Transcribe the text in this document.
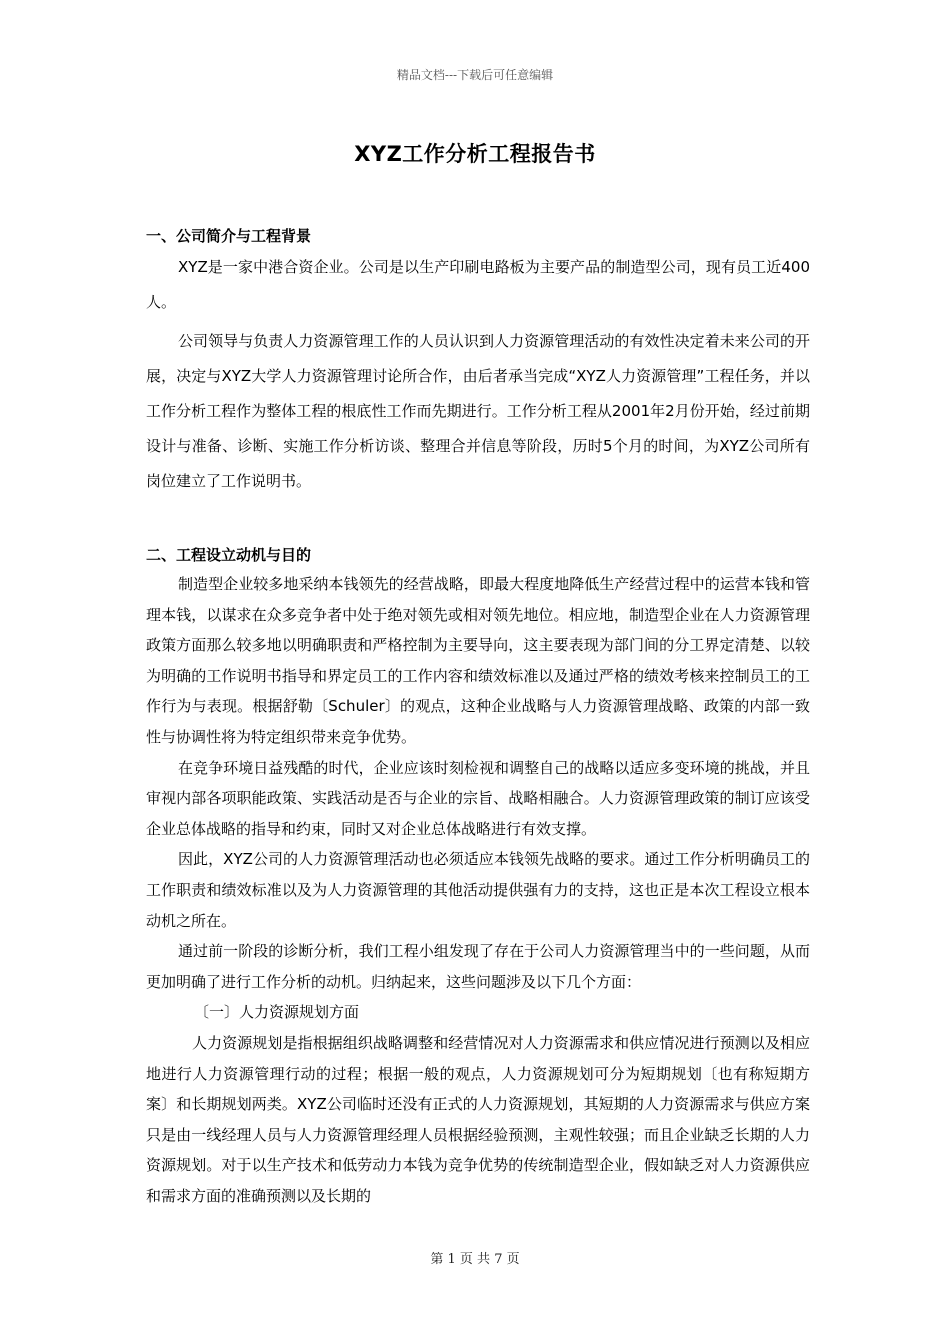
精品文档---下载后可任意编辑
XYZ工作分析工程报告书
一、公司简介与工程背景

XYZ是一家中港合资企业。公司是以生产印刷电路板为主要产品的制造型公司，现有员工近400人。

公司领导与负责人力资源管理工作的人员认识到人力资源管理活动的有效性决定着未来公司的开展，决定与XYZ大学人力资源管理讨论所合作，由后者承当完成“XYZ人力资源管理”工程任务，并以工作分析工程作为整体工程的根底性工作而先期进行。工作分析工程从2001年2月份开始，经过前期设计与准备、诊断、实施工作分析访谈、整理合并信息等阶段，历时5个月的时间，为XYZ公司所有岗位建立了工作说明书。

二、工程设立动机与目的

制造型企业较多地采纳本钱领先的经营战略，即最大程度地降低生产经营过程中的运营本钱和管理本钱，以谋求在众多竞争者中处于绝对领先或相对领先地位。相应地，制造型企业在人力资源管理政策方面那么较多地以明确职责和严格控制为主要导向，这主要表现为部门间的分工界定清楚、以较为明确的工作说明书指导和界定员工的工作内容和绩效标准以及通过严格的绩效考核来控制员工的工作行为与表现。根据舒勒〔Schuler〕的观点，这种企业战略与人力资源管理战略、政策的内部一致性与协调性将为特定组织带来竞争优势。

在竞争环境日益残酷的时代，企业应该时刻检视和调整自己的战略以适应多变环境的挑战，并且审视内部各项职能政策、实践活动是否与企业的宗旨、战略相融合。人力资源管理政策的制订应该受企业总体战略的指导和约束，同时又对企业总体战略进行有效支撑。

因此，XYZ公司的人力资源管理活动也必须适应本钱领先战略的要求。通过工作分析明确员工的工作职责和绩效标准以及为人力资源管理的其他活动提供强有力的支持，这也正是本次工程设立根本动机之所在。

通过前一阶段的诊断分析，我们工程小组发现了存在于公司人力资源管理当中的一些问题，从而更加明确了进行工作分析的动机。归纳起来，这些问题涉及以下几个方面：

〔一〕人力资源规划方面

人力资源规划是指根据组织战略调整和经营情况对人力资源需求和供应情况进行预测以及相应地进行人力资源管理行动的过程；根据一般的观点，人力资源规划可分为短期规划〔也有称短期方案〕和长期规划两类。XYZ公司临时还没有正式的人力资源规划，其短期的人力资源需求与供应方案只是由一线经理人员与人力资源管理经理人员根据经验预测，主观性较强；而且企业缺乏长期的人力资源规划。对于以生产技术和低劳动力本钱为竞争优势的传统制造型企业，假如缺乏对人力资源供应和需求方面的准确预测以及长期的

第 1 页 共 7 页
